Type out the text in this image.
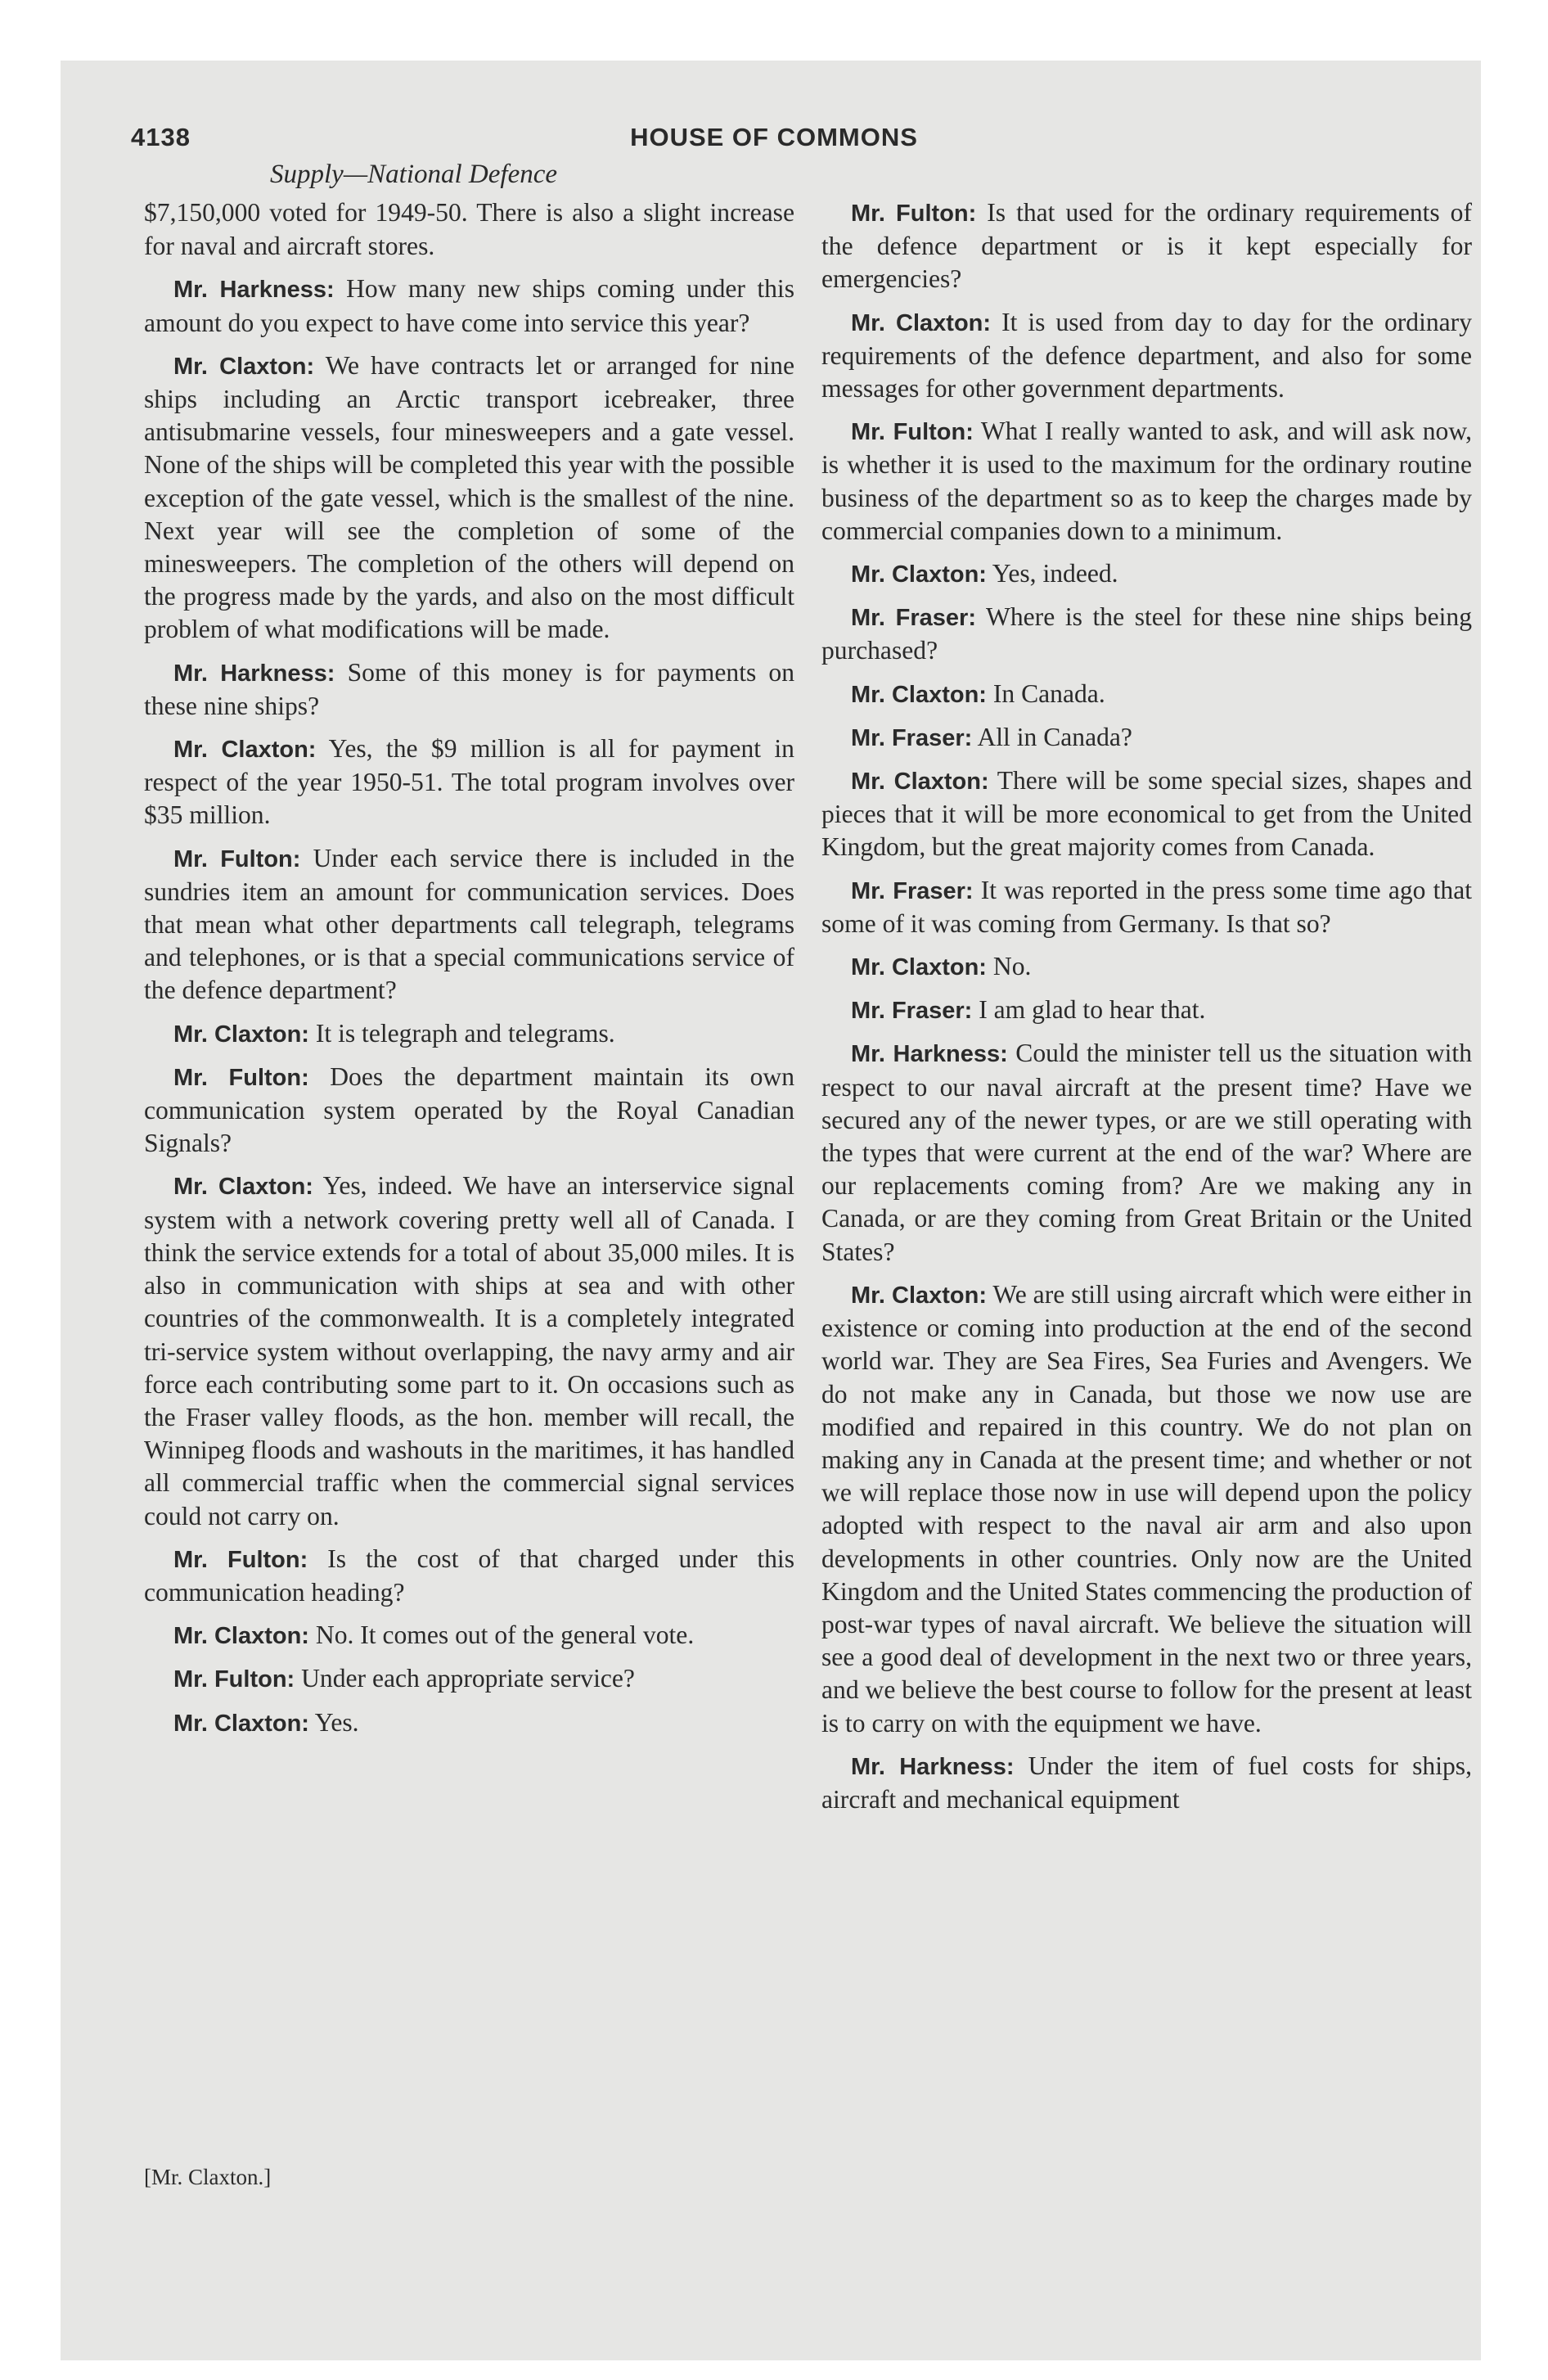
4138	HOUSE OF COMMONS
Supply—National Defence

$7,150,000 voted for 1949-50. There is also a slight increase for naval and aircraft stores.

Mr. Harkness: How many new ships coming under this amount do you expect to have come into service this year?

Mr. Claxton: We have contracts let or arranged for nine ships including an Arctic transport icebreaker, three antisubmarine vessels, four minesweepers and a gate vessel. None of the ships will be completed this year with the possible exception of the gate vessel, which is the smallest of the nine. Next year will see the completion of some of the minesweepers. The completion of the others will depend on the progress made by the yards, and also on the most difficult problem of what modifications will be made.

Mr. Harkness: Some of this money is for payments on these nine ships?

Mr. Claxton: Yes, the $9 million is all for payment in respect of the year 1950-51. The total program involves over $35 million.

Mr. Fulton: Under each service there is included in the sundries item an amount for communication services. Does that mean what other departments call telegraph, telegrams and telephones, or is that a special communications service of the defence department?

Mr. Claxton: It is telegraph and telegrams.

Mr. Fulton: Does the department maintain its own communication system operated by the Royal Canadian Signals?

Mr. Claxton: Yes, indeed. We have an interservice signal system with a network covering pretty well all of Canada. I think the service extends for a total of about 35,000 miles. It is also in communication with ships at sea and with other countries of the commonwealth. It is a completely integrated tri-service system without overlapping, the navy army and air force each contributing some part to it. On occasions such as the Fraser valley floods, as the hon. member will recall, the Winnipeg floods and washouts in the maritimes, it has handled all commercial traffic when the commercial signal services could not carry on.

Mr. Fulton: Is the cost of that charged under this communication heading?

Mr. Claxton: No. It comes out of the general vote.

Mr. Fulton: Under each appropriate service?

Mr. Claxton: Yes.

Mr. Fulton: Is that used for the ordinary requirements of the defence department or is it kept especially for emergencies?

Mr. Claxton: It is used from day to day for the ordinary requirements of the defence department, and also for some messages for other government departments.

Mr. Fulton: What I really wanted to ask, and will ask now, is whether it is used to the maximum for the ordinary routine business of the department so as to keep the charges made by commercial companies down to a minimum.

Mr. Claxton: Yes, indeed.

Mr. Fraser: Where is the steel for these nine ships being purchased?

Mr. Claxton: In Canada.

Mr. Fraser: All in Canada?

Mr. Claxton: There will be some special sizes, shapes and pieces that it will be more economical to get from the United Kingdom, but the great majority comes from Canada.

Mr. Fraser: It was reported in the press some time ago that some of it was coming from Germany. Is that so?

Mr. Claxton: No.

Mr. Fraser: I am glad to hear that.

Mr. Harkness: Could the minister tell us the situation with respect to our naval aircraft at the present time? Have we secured any of the newer types, or are we still operating with the types that were current at the end of the war? Where are our replacements coming from? Are we making any in Canada, or are they coming from Great Britain or the United States?

Mr. Claxton: We are still using aircraft which were either in existence or coming into production at the end of the second world war. They are Sea Fires, Sea Furies and Avengers. We do not make any in Canada, but those we now use are modified and repaired in this country. We do not plan on making any in Canada at the present time; and whether or not we will replace those now in use will depend upon the policy adopted with respect to the naval air arm and also upon developments in other countries. Only now are the United Kingdom and the United States commencing the production of post-war types of naval aircraft. We believe the situation will see a good deal of development in the next two or three years, and we believe the best course to follow for the present at least is to carry on with the equipment we have.

Mr. Harkness: Under the item of fuel costs for ships, aircraft and mechanical equipment

[Mr. Claxton.]
